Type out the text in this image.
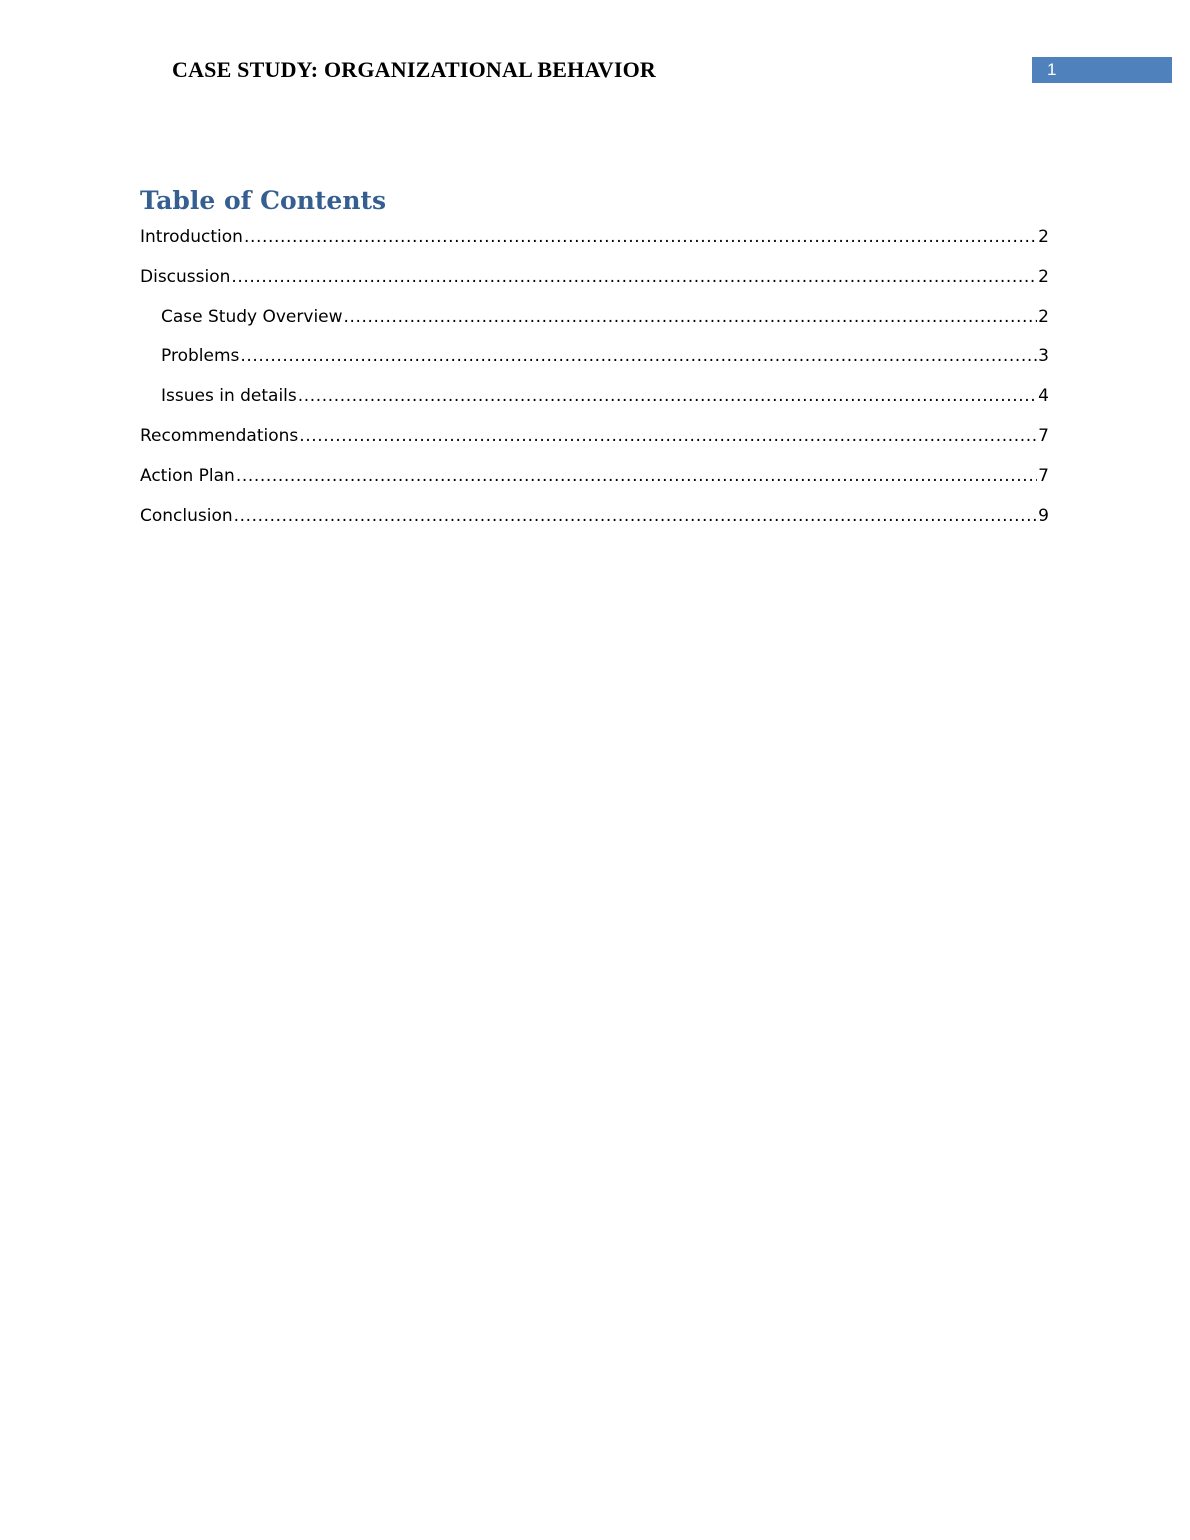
CASE STUDY: ORGANIZATIONAL BEHAVIOR	1
Table of Contents
Introduction .....	2
Discussion .....	2
Case Study Overview .....	2
Problems .....	3
Issues in details .....	4
Recommendations .....	7
Action Plan .....	7
Conclusion .....	9
